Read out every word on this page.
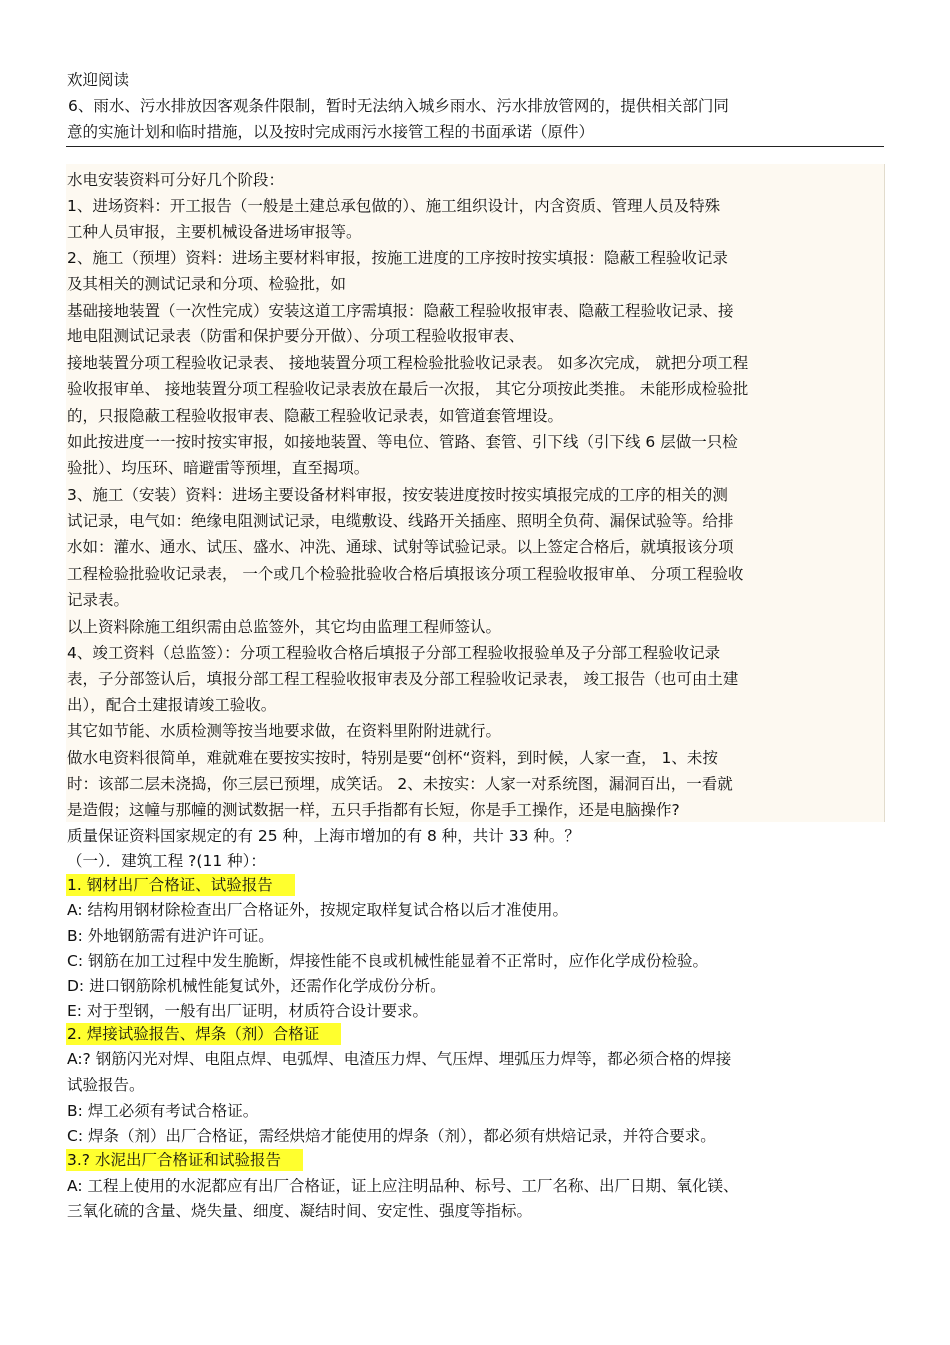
欢迎阅读
6、雨水、污水排放因客观条件限制，暂时无法纳入城乡雨水、污水排放管网的，提供相关部门同
意的实施计划和临时措施，以及按时完成雨污水接管工程的书面承诺（原件）
水电安装资料可分好几个阶段：
1、进场资料：开工报告（一般是土建总承包做的）、施工组织设计，内含资质、管理人员及特殊
工种人员审报，主要机械设备进场审报等。
2、施工（预埋）资料：进场主要材料审报，按施工进度的工序按时按实填报：隐蔽工程验收记录
及其相关的测试记录和分项、检验批，如
基础接地装置（一次性完成）安装这道工序需填报：隐蔽工程验收报审表、隐蔽工程验收记录、接
地电阻测试记录表（防雷和保护要分开做）、分项工程验收报审表、
接地装置分项工程验收记录表、 接地装置分项工程检验批验收记录表。 如多次完成， 就把分项工程
验收报审单、 接地装置分项工程验收记录表放在最后一次报， 其它分项按此类推。 未能形成检验批
的，只报隐蔽工程验收报审表、隐蔽工程验收记录表，如管道套管埋设。
如此按进度一一按时按实审报，如接地装置、等电位、管路、套管、引下线（引下线 6 层做一只检
验批）、均压环、暗避雷等预埋，直至揭项。
3、施工（安装）资料：进场主要设备材料审报，按安装进度按时按实填报完成的工序的相关的测
试记录，电气如：绝缘电阻测试记录，电缆敷设、线路开关插座、照明全负荷、漏保试验等。给排
水如：灌水、通水、试压、盛水、冲洗、通球、试射等试验记录。以上签定合格后，就填报该分项
工程检验批验收记录表， 一个或几个检验批验收合格后填报该分项工程验收报审单、 分项工程验收
记录表。
以上资料除施工组织需由总监签外，其它均由监理工程师签认。
4、竣工资料（总监签）：分项工程验收合格后填报子分部工程验收报验单及子分部工程验收记录
表，子分部签认后，填报分部工程工程验收报审表及分部工程验收记录表， 竣工报告（也可由土建
出），配合土建报请竣工验收。
其它如节能、水质检测等按当地要求做，在资料里附附进就行。
做水电资料很简单，难就难在要按实按时，特别是要“创杯“资料，到时候，人家一查， 1、未按
时：该部二层未浇捣，你三层已预埋，成笑话。 2、未按实：人家一对系统图，漏洞百出，一看就
是造假；这幢与那幢的测试数据一样，五只手指都有长短，你是手工操作，还是电脑操作?
质量保证资料国家规定的有 25 种，上海市增加的有 8 种，共计 33 种。？
（一）．建筑工程 ?(11 种）：
1. 钢材出厂合格证、试验报告
A: 结构用钢材除检查出厂合格证外，按规定取样复试合格以后才准使用。
B: 外地钢筋需有进沪许可证。
C: 钢筋在加工过程中发生脆断，焊接性能不良或机械性能显着不正常时，应作化学成份检验。
D: 进口钢筋除机械性能复试外，还需作化学成份分析。
E: 对于型钢，一般有出厂证明，材质符合设计要求。
2. 焊接试验报告、焊条（剂）合格证
A:? 钢筋闪光对焊、电阻点焊、电弧焊、电渣压力焊、气压焊、埋弧压力焊等，都必须合格的焊接
试验报告。
B: 焊工必须有考试合格证。
C: 焊条（剂）出厂合格证，需经烘焙才能使用的焊条（剂），都必须有烘焙记录，并符合要求。
3.? 水泥出厂合格证和试验报告
A: 工程上使用的水泥都应有出厂合格证，证上应注明品种、标号、工厂名称、出厂日期、氧化镁、
三氧化硫的含量、烧失量、细度、凝结时间、安定性、强度等指标。
